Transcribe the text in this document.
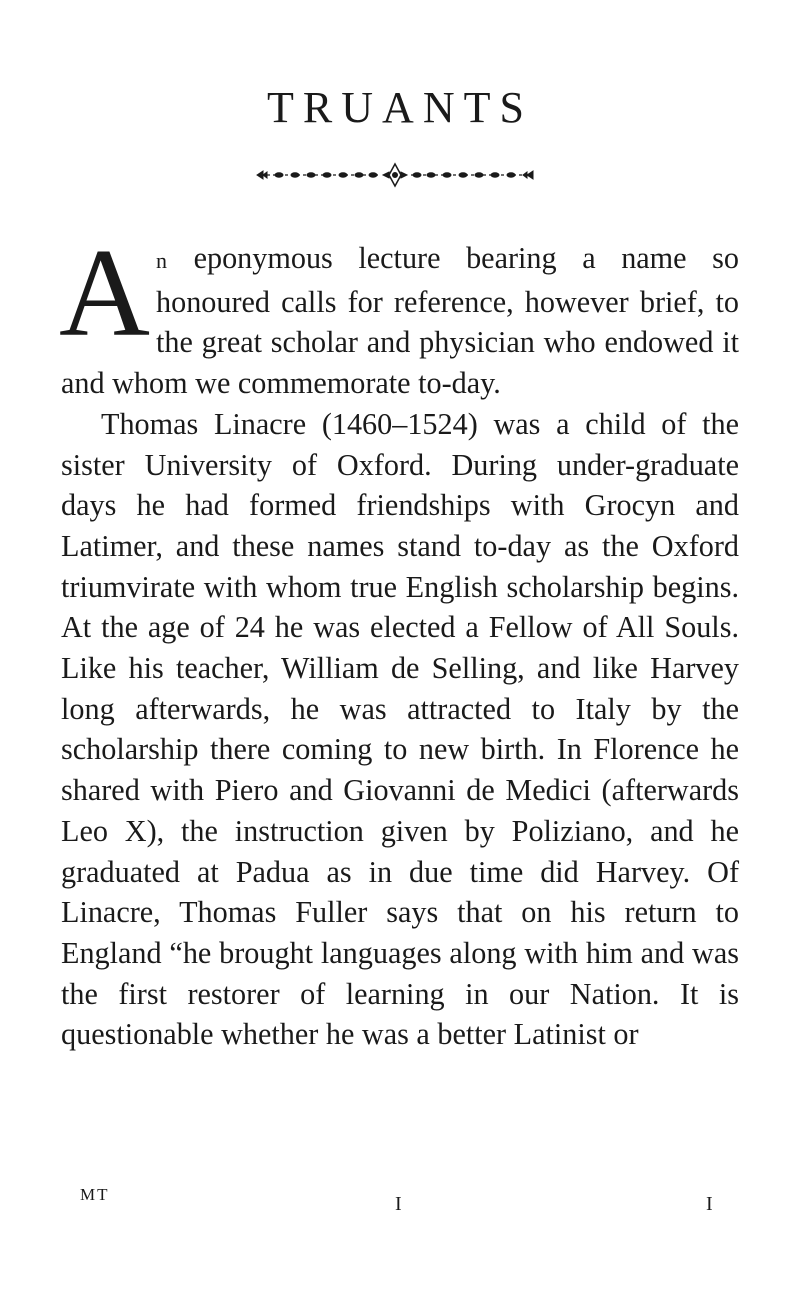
TRUANTS

An eponymous lecture bearing a name so honoured calls for reference, however brief, to the great scholar and physician who endowed it and whom we commemorate to-day.

Thomas Linacre (1460–1524) was a child of the sister University of Oxford. During under-graduate days he had formed friendships with Grocyn and Latimer, and these names stand to-day as the Oxford triumvirate with whom true English scholarship begins. At the age of 24 he was elected a Fellow of All Souls. Like his teacher, William de Selling, and like Harvey long afterwards, he was attracted to Italy by the scholarship there coming to new birth. In Florence he shared with Piero and Giovanni de Medici (afterwards Leo X), the instruction given by Poliziano, and he graduated at Padua as in due time did Harvey. Of Linacre, Thomas Fuller says that on his return to England “he brought languages along with him and was the first restorer of learning in our Nation. It is questionable whether he was a better Latinist or

MT	I	I
